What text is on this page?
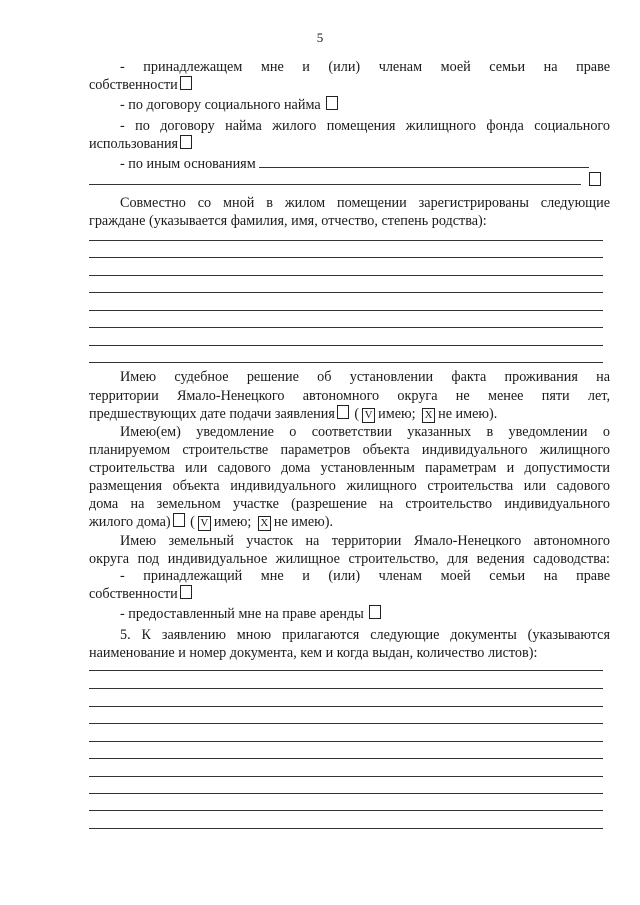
5
- принадлежащем мне и (или) членам моей семьи на праве
собственности
- по договору социального найма
- по договору найма жилого помещения жилищного фонда социального
использования
- по иным основаниям
Совместно со мной в жилом помещении зарегистрированы следующие
граждане (указывается фамилия, имя, отчество, степень родства):
Имею судебное решение об установлении факта проживания на
территории Ямало-Ненецкого автономного округа не менее пяти лет,
предшествующих дате подачи заявления ( V имею; X не имею).
Имею(ем) уведомление о соответствии указанных в уведомлении о
планируемом строительстве параметров объекта индивидуального жилищного
строительства или садового дома установленным параметрам и допустимости
размещения объекта индивидуального жилищного строительства или садового
дома на земельном участке (разрешение на строительство индивидуального
жилого дома) ( V имею; X не имею).
Имею земельный участок на территории Ямало-Ненецкого автономного
округа под индивидуальное жилищное строительство, для ведения садоводства:
- принадлежащий мне и (или) членам моей семьи на праве
собственности
- предоставленный мне на праве аренды
5. К заявлению мною прилагаются следующие документы (указываются
наименование и номер документа, кем и когда выдан, количество листов):
